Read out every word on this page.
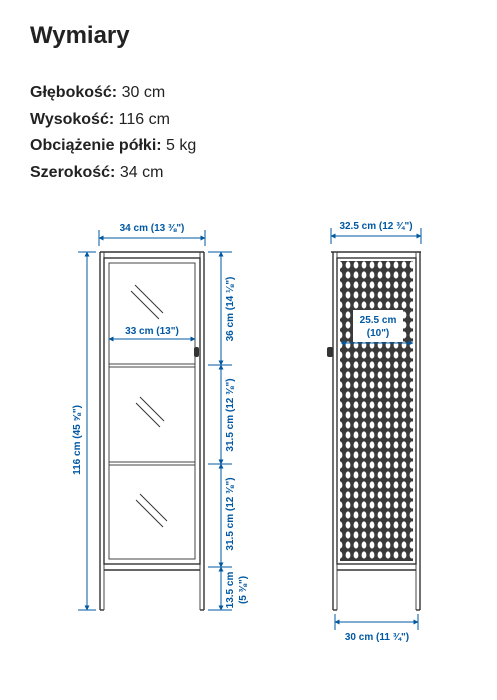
Wymiary
Głębokość: 30 cm
Wysokość: 116 cm
Obciążenie półki: 5 kg
Szerokość: 34 cm
34 cm (13 ⅜")
33 cm (13")
116 cm (45 ⅝")
36 cm (14 ⅛")
31.5 cm (12 ⅜")
31.5 cm (12 ⅜")
13.5 cm (5 ⅜")
32.5 cm (12 ¾")
25.5 cm
(10")
30 cm (11 ¾")
